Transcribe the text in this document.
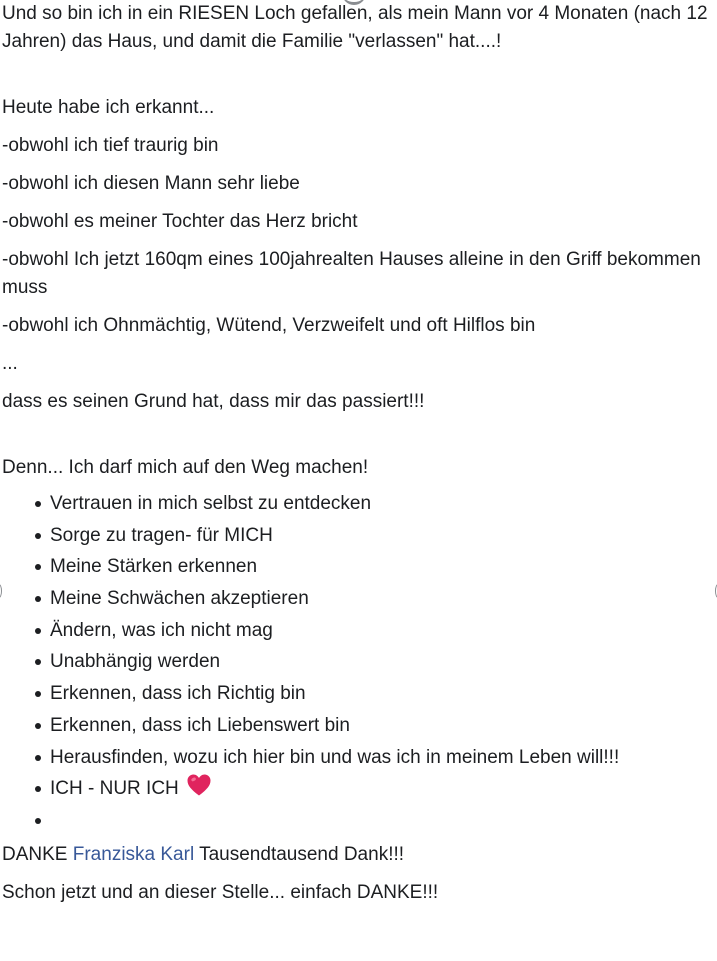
Und so bin ich in ein RIESEN Loch gefallen, als mein Mann vor 4 Monaten (nach 12 Jahren) das Haus, und damit die Familie "verlassen" hat....!

Heute habe ich erkannt...

-obwohl ich tief traurig bin

-obwohl ich diesen Mann sehr liebe

-obwohl es meiner Tochter das Herz bricht

-obwohl Ich jetzt 160qm eines 100jahrealten Hauses alleine in den Griff bekommen muss

-obwohl ich Ohnmächtig, Wütend, Verzweifelt und oft Hilflos bin

...

dass es seinen Grund hat, dass mir das passiert!!!

Denn... Ich darf mich auf den Weg machen!

Vertrauen in mich selbst zu entdecken
Sorge zu tragen- für MICH
Meine Stärken erkennen
Meine Schwächen akzeptieren
Ändern, was ich nicht mag
Unabhängig werden
Erkennen, dass ich Richtig bin
Erkennen, dass ich Liebenswert bin
Herausfinden, wozu ich hier bin und was ich in meinem Leben will!!!
ICH - NUR ICH

DANKE Franziska Karl Tausendtausend Dank!!!

Schon jetzt und an dieser Stelle... einfach DANKE!!!
